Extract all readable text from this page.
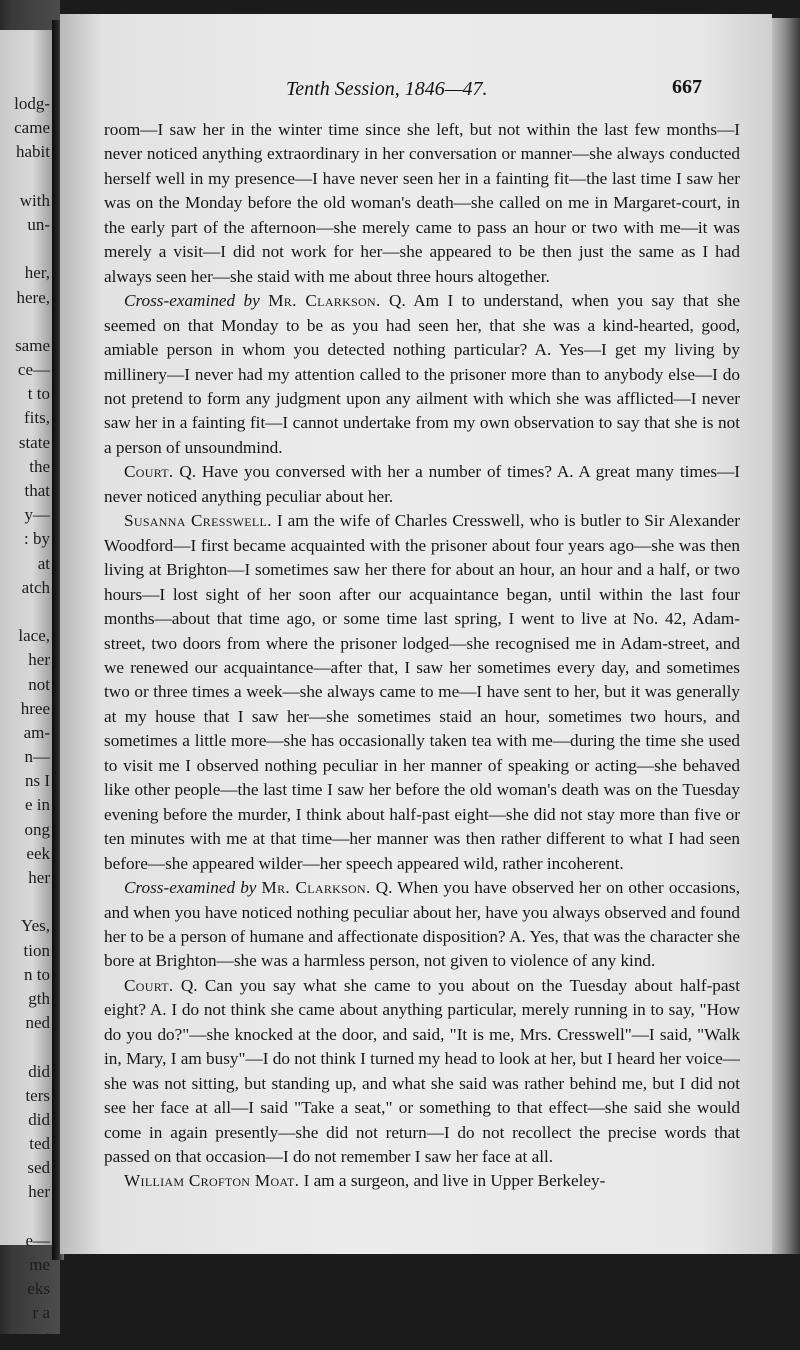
lodg-
came
habit
with
un-
her,
here,
same
ce—
t to
fits,
state
the
that
y—
: by
at
atch
lace,
her
not
hree
am-
n—
ns I
e in
ong
eek
her
Yes,
tion
n to
gth
ned
did
ters
did
ted
sed
her
e—
me
eks
r a
ent
Tenth Session, 1846—47.	667

room—I saw her in the winter time since she left, but not within the last few months—I never noticed anything extraordinary in her conversation or manner—she always conducted herself well in my presence—I have never seen her in a fainting fit—the last time I saw her was on the Monday before the old woman's death—she called on me in Margaret-court, in the early part of the afternoon—she merely came to pass an hour or two with me—it was merely a visit—I did not work for her—she appeared to be then just the same as I had always seen her—she staid with me about three hours altogether.

Cross-examined by Mr. Clarkson. Q. Am I to understand, when you say that she seemed on that Monday to be as you had seen her, that she was a kind-hearted, good, amiable person in whom you detected nothing particular? A. Yes—I get my living by millinery—I never had my attention called to the prisoner more than to anybody else—I do not pretend to form any judgment upon any ailment with which she was afflicted—I never saw her in a fainting fit—I cannot undertake from my own observation to say that she is not a person of unsoundmind.

Court. Q. Have you conversed with her a number of times? A. A great many times—I never noticed anything peculiar about her.

Susanna Cresswell. I am the wife of Charles Cresswell, who is butler to Sir Alexander Woodford—I first became acquainted with the prisoner about four years ago—she was then living at Brighton—I sometimes saw her there for about an hour, an hour and a half, or two hours—I lost sight of her soon after our acquaintance began, until within the last four months—about that time ago, or some time last spring, I went to live at No. 42, Adam-street, two doors from where the prisoner lodged—she recognised me in Adam-street, and we renewed our acquaintance—after that, I saw her sometimes every day, and sometimes two or three times a week—she always came to me—I have sent to her, but it was generally at my house that I saw her—she sometimes staid an hour, sometimes two hours, and sometimes a little more—she has occasionally taken tea with me—during the time she used to visit me I observed nothing peculiar in her manner of speaking or acting—she behaved like other people—the last time I saw her before the old woman's death was on the Tuesday evening before the murder, I think about half-past eight—she did not stay more than five or ten minutes with me at that time—her manner was then rather different to what I had seen before—she appeared wilder—her speech appeared wild, rather incoherent.

Cross-examined by Mr. Clarkson. Q. When you have observed her on other occasions, and when you have noticed nothing peculiar about her, have you always observed and found her to be a person of humane and affectionate disposition? A. Yes, that was the character she bore at Brighton—she was a harmless person, not given to violence of any kind.

Court. Q. Can you say what she came to you about on the Tuesday about half-past eight? A. I do not think she came about anything particular, merely running in to say, "How do you do?"—she knocked at the door, and said, "It is me, Mrs. Cresswell"—I said, "Walk in, Mary, I am busy"—I do not think I turned my head to look at her, but I heard her voice—she was not sitting, but standing up, and what she said was rather behind me, but I did not see her face at all—I said "Take a seat," or something to that effect—she said she would come in again presently—she did not return—I do not recollect the precise words that passed on that occasion—I do not remember I saw her face at all.

William Crofton Moat. I am a surgeon, and live in Upper Berkeley-
